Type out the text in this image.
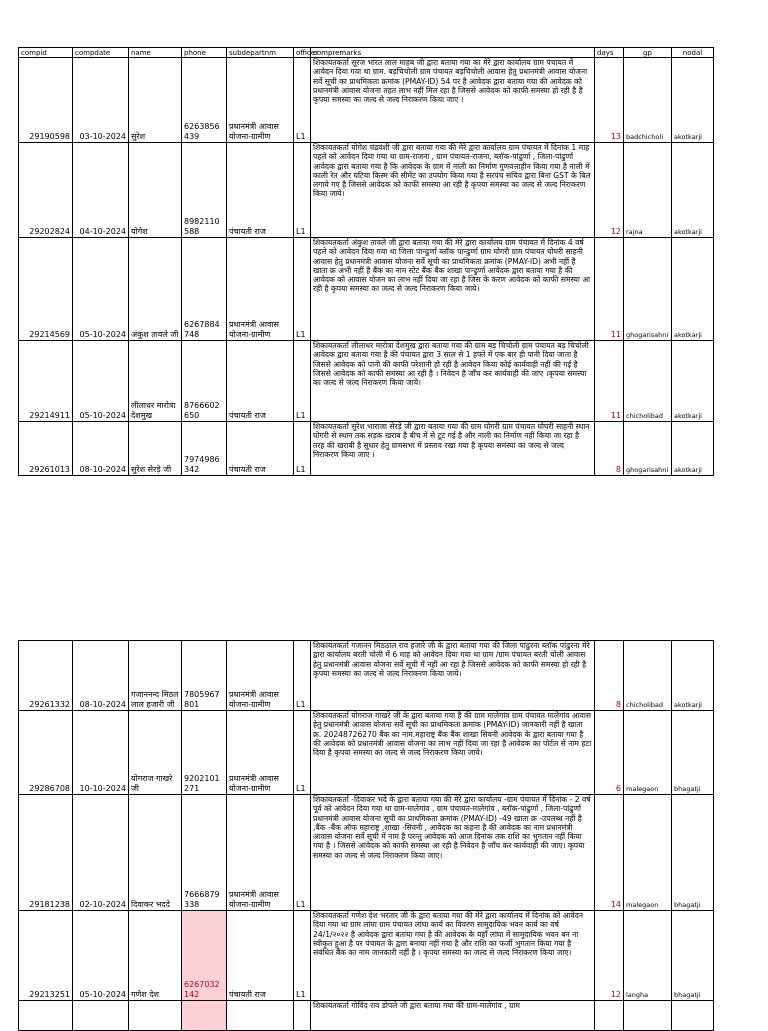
compid	compdate	name	phone	subdepartnm	officer	compremarks	days	gp	nodal
29190598	03-10-2024	सुरेश	6263856 439	प्रधानमंत्री आवास योजना-ग्रामीण	L1	शिकायतकर्ता सूरज भारत लाल माहब जी द्वारा बताया गया का मेरे द्वारा कार्यालय ग्राम पंचायत में आवेदन दिया गया था ग्राम. बड़चिचोली ग्राम पंचायत बड़चिचोली आवास हेतु प्रधानमंत्री आवास योजना सर्वे सूची का प्राथमिकता क्रमांक (PMAY-ID) 54 पर है आवेदक द्वारा बताया गया की आवेदक को प्रधानमंत्री आवास योजना तहत लाभ नहीं मिल रहा है जिससे आवेदक को काफी समस्या हो रही है है कृपया समस्या का जल्द से जल्द निराकरण किया जाए ।	13	badchicholi	akotkarji
29202824	04-10-2024	योगेश	8982110 588	पंचायती राज	L1	शिकायतकर्ता योगेश चंद्रवंशी जी द्वारा बताया गया की मेरे द्वारा कार्यालय ग्राम पंचायत में दिनांक 1 माह पहले को आवेदन दिया गया था ग्राम-राजना , ग्राम पंचायत-राजना, ब्लॉक-पांढुर्णा , जिला-पांढुर्णा आवेदक द्वारा बताया गया है कि आवेदक के ग्राम में नाली का निर्माण गुणवत्ताहीन किया गया है नाली में काली रेत और घटिया किस्म की सीमेंट का उपयोग किया गया है सरपंच सचिव द्वारा बिना GST के बिल लगाये गए है जिससे आवेदक को काफी समस्या आ रही है कृपया समस्या का जल्द से जल्द निराकरण किया जाये।	12	rajna	akotkarji
29214569	05-10-2024	अंकुश तावले जी	6267884 748	प्रधानमंत्री आवास योजना-ग्रामीण	L1	शिकायतकर्ता अंकुश तावले जी द्वारा बताया गया की मेरे द्वारा कार्यालय ग्राम पंचायत में दिनांक 4 वर्ष पहले को आवेदन दिया गया था जिला पान्ढुर्णा ब्लॉक पान्ढुर्णा ग्राम घोगरी ग्राम पंचायत घोघरी साहनी आवास हेतु प्रधानमंत्री आवास योजना सर्वे सूची का प्राथमिकता क्रमांक (PMAY-ID) अभी नहीं है खाता क्र अभी नहीं है बैंक का नाम स्टेट बैंक बैंक शाखा पान्ढुर्णा आवेदक द्वारा बताया गया है की आवेदक को आवास योजन का लाभ नहीं दिया जा रहा है जिस के करण आवेदक को काफी समस्या आ रही है कृपया समस्या का जल्द से जल्द निराकरण किया जाये।	11	ghogarisahni	akotkarji
29214911	05-10-2024	लीलाधर मारोत्रा देशमुख	8766602 650	पंचायती राज	L1	शिकायतकर्ता लीलाधर मारोत्रा देशमुख द्वारा बताया गया की ग्राम बड़ चिचोली ग्राम पंचायत बड़ चिचोली आवेदक द्वारा बताया गया है की पंचायत द्वारा 3 साल से 1 हफ्ते में एक बार ही पानी दिया जाता है जिससे आवेदक को पानी की काफी परेशानी हो रही है आवेदन किया कोई कार्यवाही नहीं की गई है जिससे आवेदक को काफी समस्या आ रही है । निवेदन है जाँच कर कार्यवाही की जाए ।कृपया समस्या का जल्द से जल्द निराकरण किया जाये।	11	chicholibad	akotkarji
29261013	08-10-2024	सुरेश सेरड़े जी	7974986 342	पंचायती राज	L1	शिकायतकर्ता सुरेश भाराजा सेरड़े जी द्वारा बताया गया की ग्राम घोगरी ग्राम पंचायत घोघरी साहनी स्थान घोगरी से स्थान तक सड़क खराब है बीच में से टूट गई है और नाली का निर्माण नहीं किया जा रहा है तरह की खराबी है सुधार हेतु ग्रामसभा में प्रस्ताव रखा गया है कृपया समस्या का जल्द से जल्द निराकरण किया जाए ।	8	ghogarisahni	akotkarji
29261332	08-10-2024	गजाननन्द मिठल लाल हजारी जी	7805967 801	प्रधानमंत्री आवास योजना-ग्रामीण	L1	शिकायतकर्ता गजानन मिठठाल राव हजारे जी के द्वारा बताया गया की जिला पांढुरना ब्लॉक पांढुरना मेरे द्वारा कार्यालय बरती चोली में 6 माह को आवेदन दिया गया था ग्राम /ग्राम पंचायत बरती चोली आवास हेतु प्रधानमंत्री आवास योजना सर्वे सूची में नहीं आ रहा है जिससे आवेदक को काफी समस्या हो रही है कृपया समस्या का जल्द से जल्द निराकरण किया जाये।	8	chicholibad	akotkarji
29286708	10-10-2024	योगराज गाखरे जी	9202101 271	प्रधानमंत्री आवास योजना-ग्रामीण	L1	शिकायतकर्ता योगराज गाखरे जी के द्वारा बताया गया है की ग्राम मालेगांव ग्राम पंचायत मालेगांव आवास हेतु प्रधानमंत्री आवास योजना सर्वे सूची का प्राथमिकता क्रमांक (PMAY-ID) जानकारी नहीं है खाता क्र. 20248726270 बैंक का नाम.महाराष्ट्र बैंक बैंक शाखा सिवनी आवेदक के द्वारा बताया गया है की आवेदक को प्रधानमंत्री आवास योजना का लाभ नहीं दिया जा रहा है आवेदक का पोर्टल से नाम हटा दिया है कृपया समस्या का जल्द से जल्द निराकरण किया जाये।	6	malegaon	bhagatji
29181238	02-10-2024	दिवाकर भददे	7666879 338	प्रधानमंत्री आवास योजना-ग्रामीण	L1	शिकायतकर्ता -दिवाकर भदे के द्वारा बताया गया की मेरे द्वारा कार्यालय -ग्राम पंचायत में दिनांक - 2 वर्ष पूर्व को आवेदन दिया गया था ग्राम-मालेगांव , ग्राम पंचायत-मालेगांव , ब्लॉक-पांढुर्णा , जिला-पांढुर्णा प्रधानमंत्री आवास योजना सूची का प्राथमिकता क्रमांक (PMAY-ID) -49 खाता क्र -उपलब्ध नहीं है ,बैंक -बैंक ऑफ महाराष्ट्र ,शाखा -सिवनी , आवेदक का कहना है की आवेदक का नाम प्रधानमंत्री आवास योजना सर्वे सूची में नाम है परन्तु आवेदक को आज दिनांक तक राशि का भुगतान नहीं किया गया है । जिससे आवेदक को काफी समस्या आ रही है निवेदन है जाँच कर कार्यवाही की जाए। कृपया समस्या का जल्द से जल्द निराकरण किया जाए।	14	malegaon	bhagatji
29213251	05-10-2024	गणेश देश	6267032 142	पंचायती राज	L1	शिकायतकर्ता गणेश देश भरतार जी के द्वारा बताया गया की मेरे द्वारा कार्यालय में दिनांक को आवेदन दिया गया था ग्राम लांघा ग्राम पंचायत लांघा कार्य का विवरण सामुदायिक भवन कार्य का वर्ष 24/1/२०२२ है आवेदक द्वारा बताया गया है की आवेदक के यहाँ लांघा में सामुदायिक भवन बन ना स्वीकृत हुआ है पर पंचायत के द्वारा बनाया नहीं गया है और राशि का फर्जी भुगतान किया गया है संबंधित बैंक का नाम जानकारी नहीं है । कृपया समस्या का जल्द से जल्द निराकरण किया जाए।	12	langha	bhagatji
						शिकायतकर्ता गोविंद राव डोपले जी द्वारा बताया गया की ग्राम-मालेगांव , ग्राम			
